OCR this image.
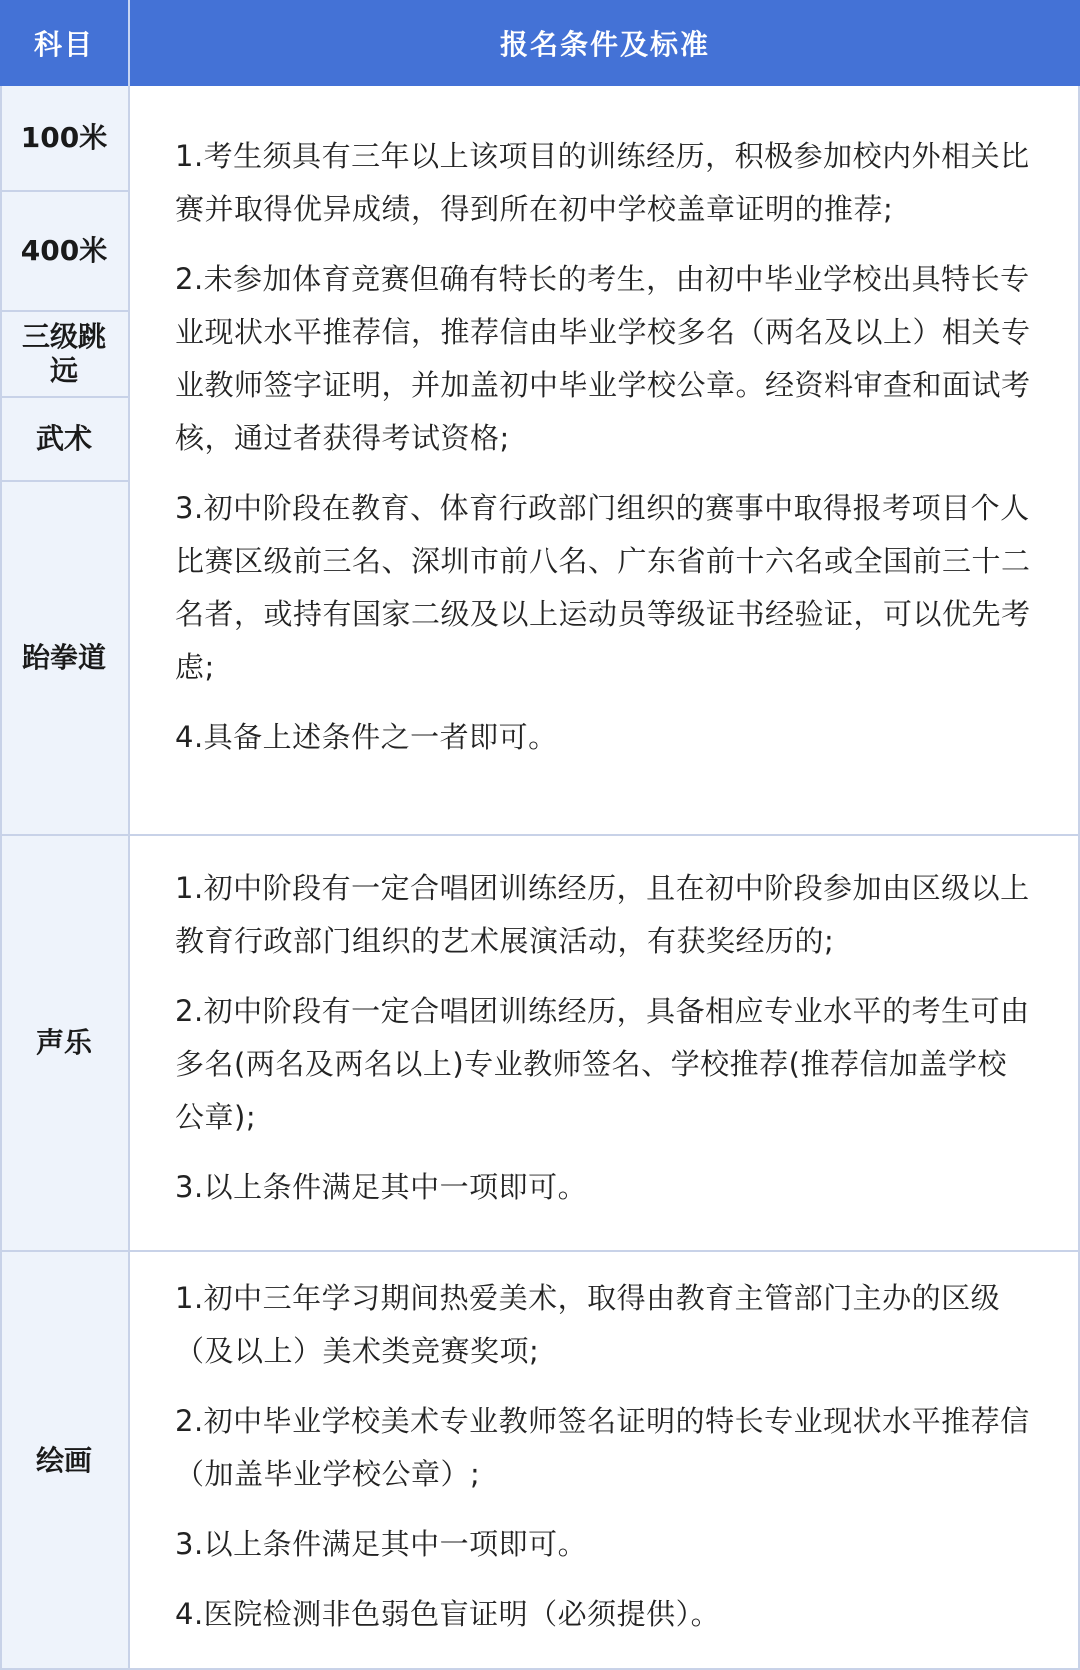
科目	报名条件及标准
100米
400米
三级跳远
武术
跆拳道

1.考生须具有三年以上该项目的训练经历，积极参加校内外相关比赛并取得优异成绩，得到所在初中学校盖章证明的推荐;

2.未参加体育竞赛但确有特长的考生，由初中毕业学校出具特长专业现状水平推荐信，推荐信由毕业学校多名（两名及以上）相关专业教师签字证明，并加盖初中毕业学校公章。经资料审查和面试考核，通过者获得考试资格;

3.初中阶段在教育、体育行政部门组织的赛事中取得报考项目个人比赛区级前三名、深圳市前八名、广东省前十六名或全国前三十二名者，或持有国家二级及以上运动员等级证书经验证，可以优先考虑;

4.具备上述条件之一者即可。

声乐

1.初中阶段有一定合唱团训练经历，且在初中阶段参加由区级以上教育行政部门组织的艺术展演活动，有获奖经历的;

2.初中阶段有一定合唱团训练经历，具备相应专业水平的考生可由多名(两名及两名以上)专业教师签名、学校推荐(推荐信加盖学校公章);

3.以上条件满足其中一项即可。

绘画

1.初中三年学习期间热爱美术，取得由教育主管部门主办的区级（及以上）美术类竞赛奖项;

2.初中毕业学校美术专业教师签名证明的特长专业现状水平推荐信（加盖毕业学校公章）;

3.以上条件满足其中一项即可。

4.医院检测非色弱色盲证明（必须提供）。
